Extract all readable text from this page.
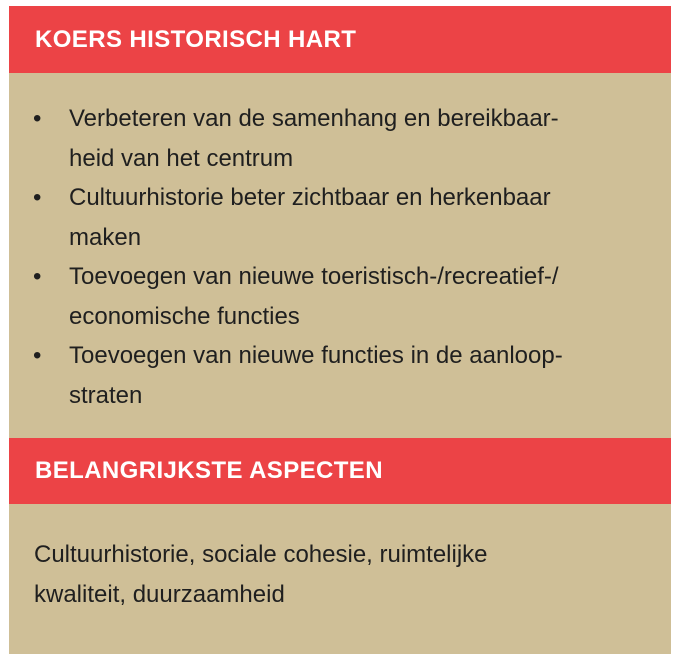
KOERS HISTORISCH HART
• Verbeteren van de samenhang en bereikbaar-
heid van het centrum
• Cultuurhistorie beter zichtbaar en herkenbaar
maken
• Toevoegen van nieuwe toeristisch-/recreatief-/
economische functies
• Toevoegen van nieuwe functies in de aanloop-
straten
BELANGRIJKSTE ASPECTEN

Cultuurhistorie, sociale cohesie, ruimtelijke
kwaliteit, duurzaamheid
